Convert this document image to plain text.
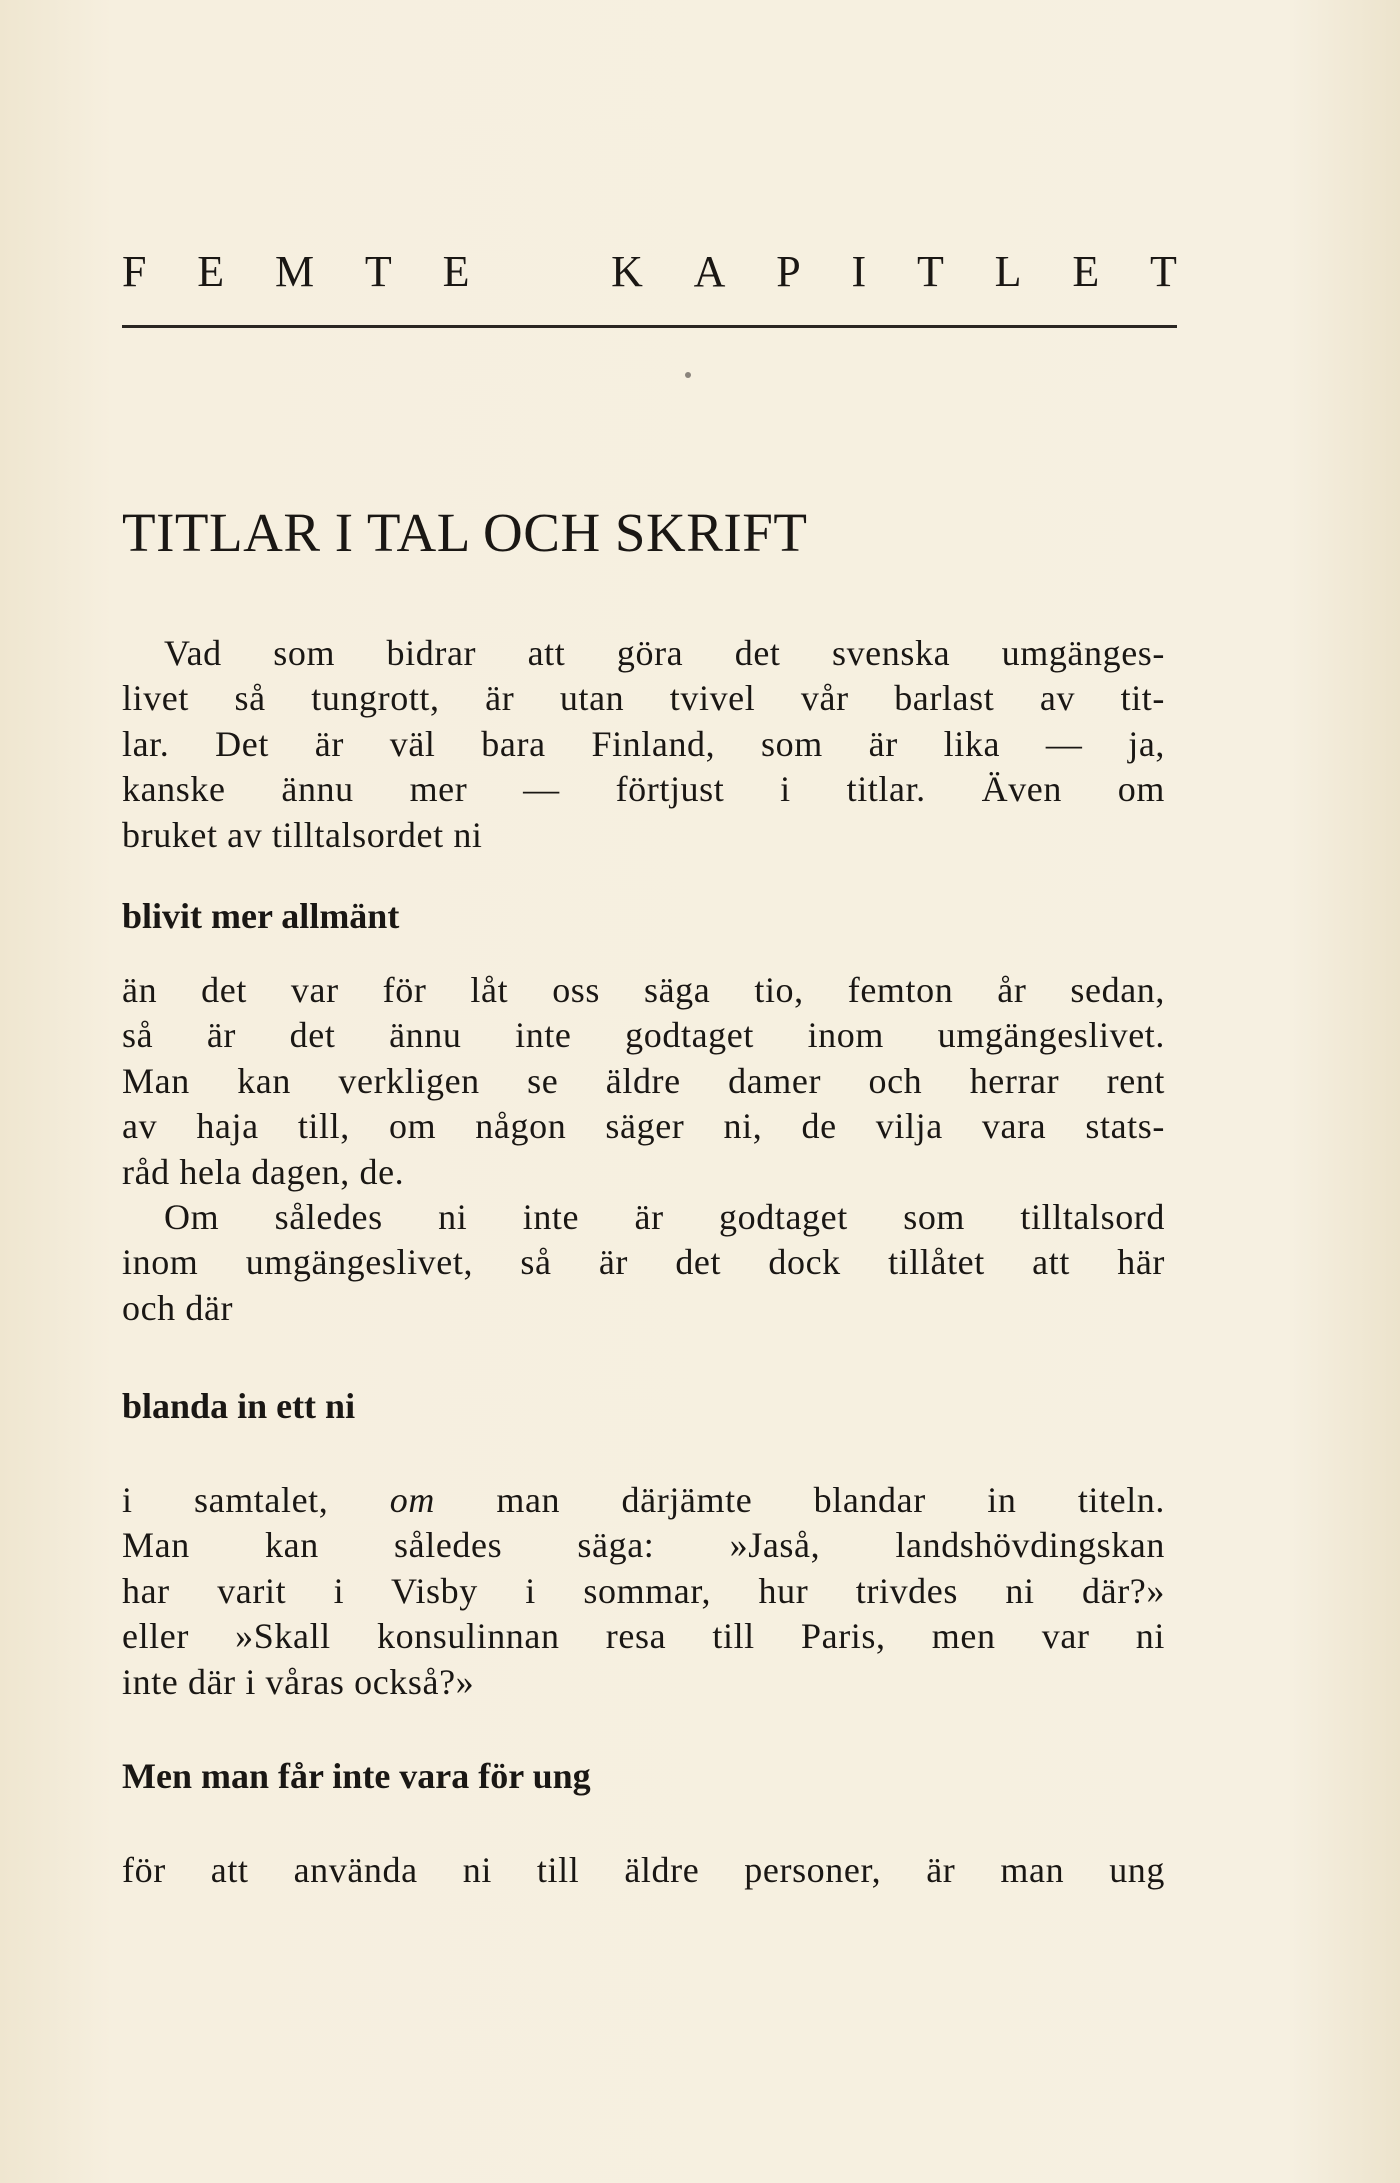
F E M T E	K A P I T L E T
TITLAR I TAL OCH SKRIFT

Vad som bidrar att göra det svenska umgänges-
livet så tungrott, är utan tvivel vår barlast av tit-
lar. Det är väl bara Finland, som är lika — ja,
kanske ännu mer — förtjust i titlar. Även om
bruket av tilltalsordet ni

blivit mer allmänt

än det var för låt oss säga tio, femton år sedan,
så är det ännu inte godtaget inom umgängeslivet.
Man kan verkligen se äldre damer och herrar rent
av haja till, om någon säger ni, de vilja vara stats-
råd hela dagen, de.

Om således ni inte är godtaget som tilltalsord
inom umgängeslivet, så är det dock tillåtet att här
och där

blanda in ett ni

i samtalet, om man därjämte blandar in titeln.
Man kan således säga: »Jaså, landshövdingskan
har varit i Visby i sommar, hur trivdes ni där?»
eller »Skall konsulinnan resa till Paris, men var ni
inte där i våras också?»

Men man får inte vara för ung

för att använda ni till äldre personer, är man ung
